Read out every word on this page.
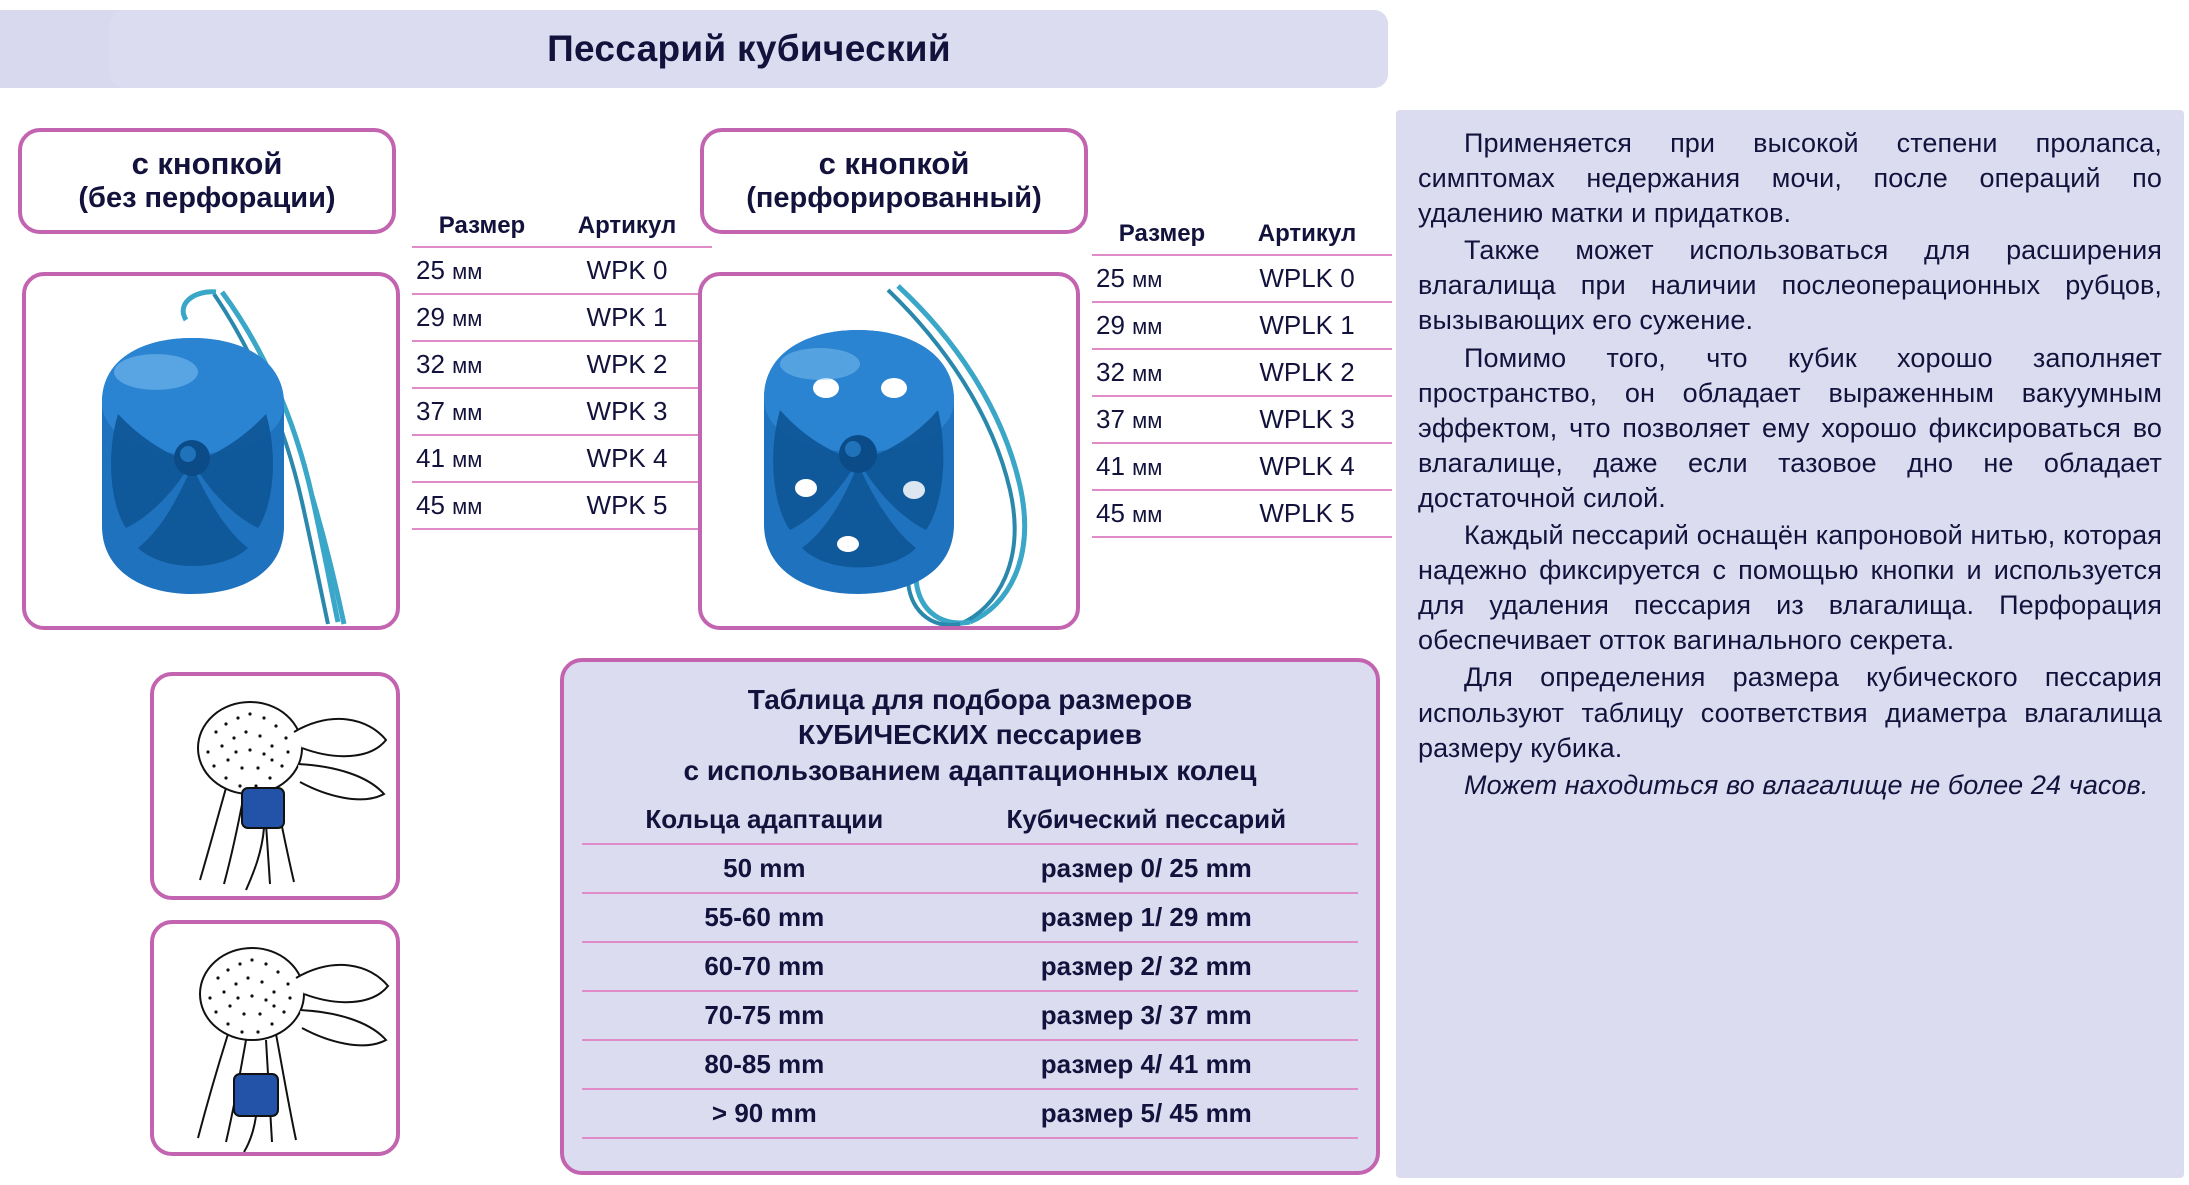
Пессарий кубический
с кнопкой
(без перфорации)
Размер	Артикул
25 мм	WPK 0
29 мм	WPK 1
32 мм	WPK 2
37 мм	WPK 3
41 мм	WPK 4
45 мм	WPK 5
с кнопкой
(перфорированный)
Размер	Артикул
25 мм	WPLK 0
29 мм	WPLK 1
32 мм	WPLK 2
37 мм	WPLK 3
41 мм	WPLK 4
45 мм	WPLK 5
Таблица для подбора размеров
КУБИЧЕСКИХ пессариев
с использованием адаптационных колец
Кольца адаптации	Кубический пессарий
50 mm	размер 0/ 25 mm
55-60 mm	размер 1/ 29 mm
60-70 mm	размер 2/ 32 mm
70-75 mm	размер 3/ 37 mm
80-85 mm	размер 4/ 41 mm
> 90 mm	размер 5/ 45 mm

Применяется при высокой степени пролапса, симптомах недержания мочи, после операций по удалению матки и придатков.

Также может использоваться для расширения влагалища при наличии послеоперационных рубцов, вызывающих его сужение.

Помимо того, что кубик хорошо заполняет пространство, он обладает выраженным вакуумным эффектом, что позволяет ему хорошо фиксироваться во влагалище, даже если тазовое дно не обладает достаточной силой.

Каждый пессарий оснащён капроновой нитью, которая надежно фиксируется с помощью кнопки и используется для удаления пессария из влагалища. Перфорация обеспечивает отток вагинального секрета.

Для определения размера кубического пессария используют таблицу соответствия диаметра влагалища размеру кубика.

Может находиться во влагалище не более 24 часов.
